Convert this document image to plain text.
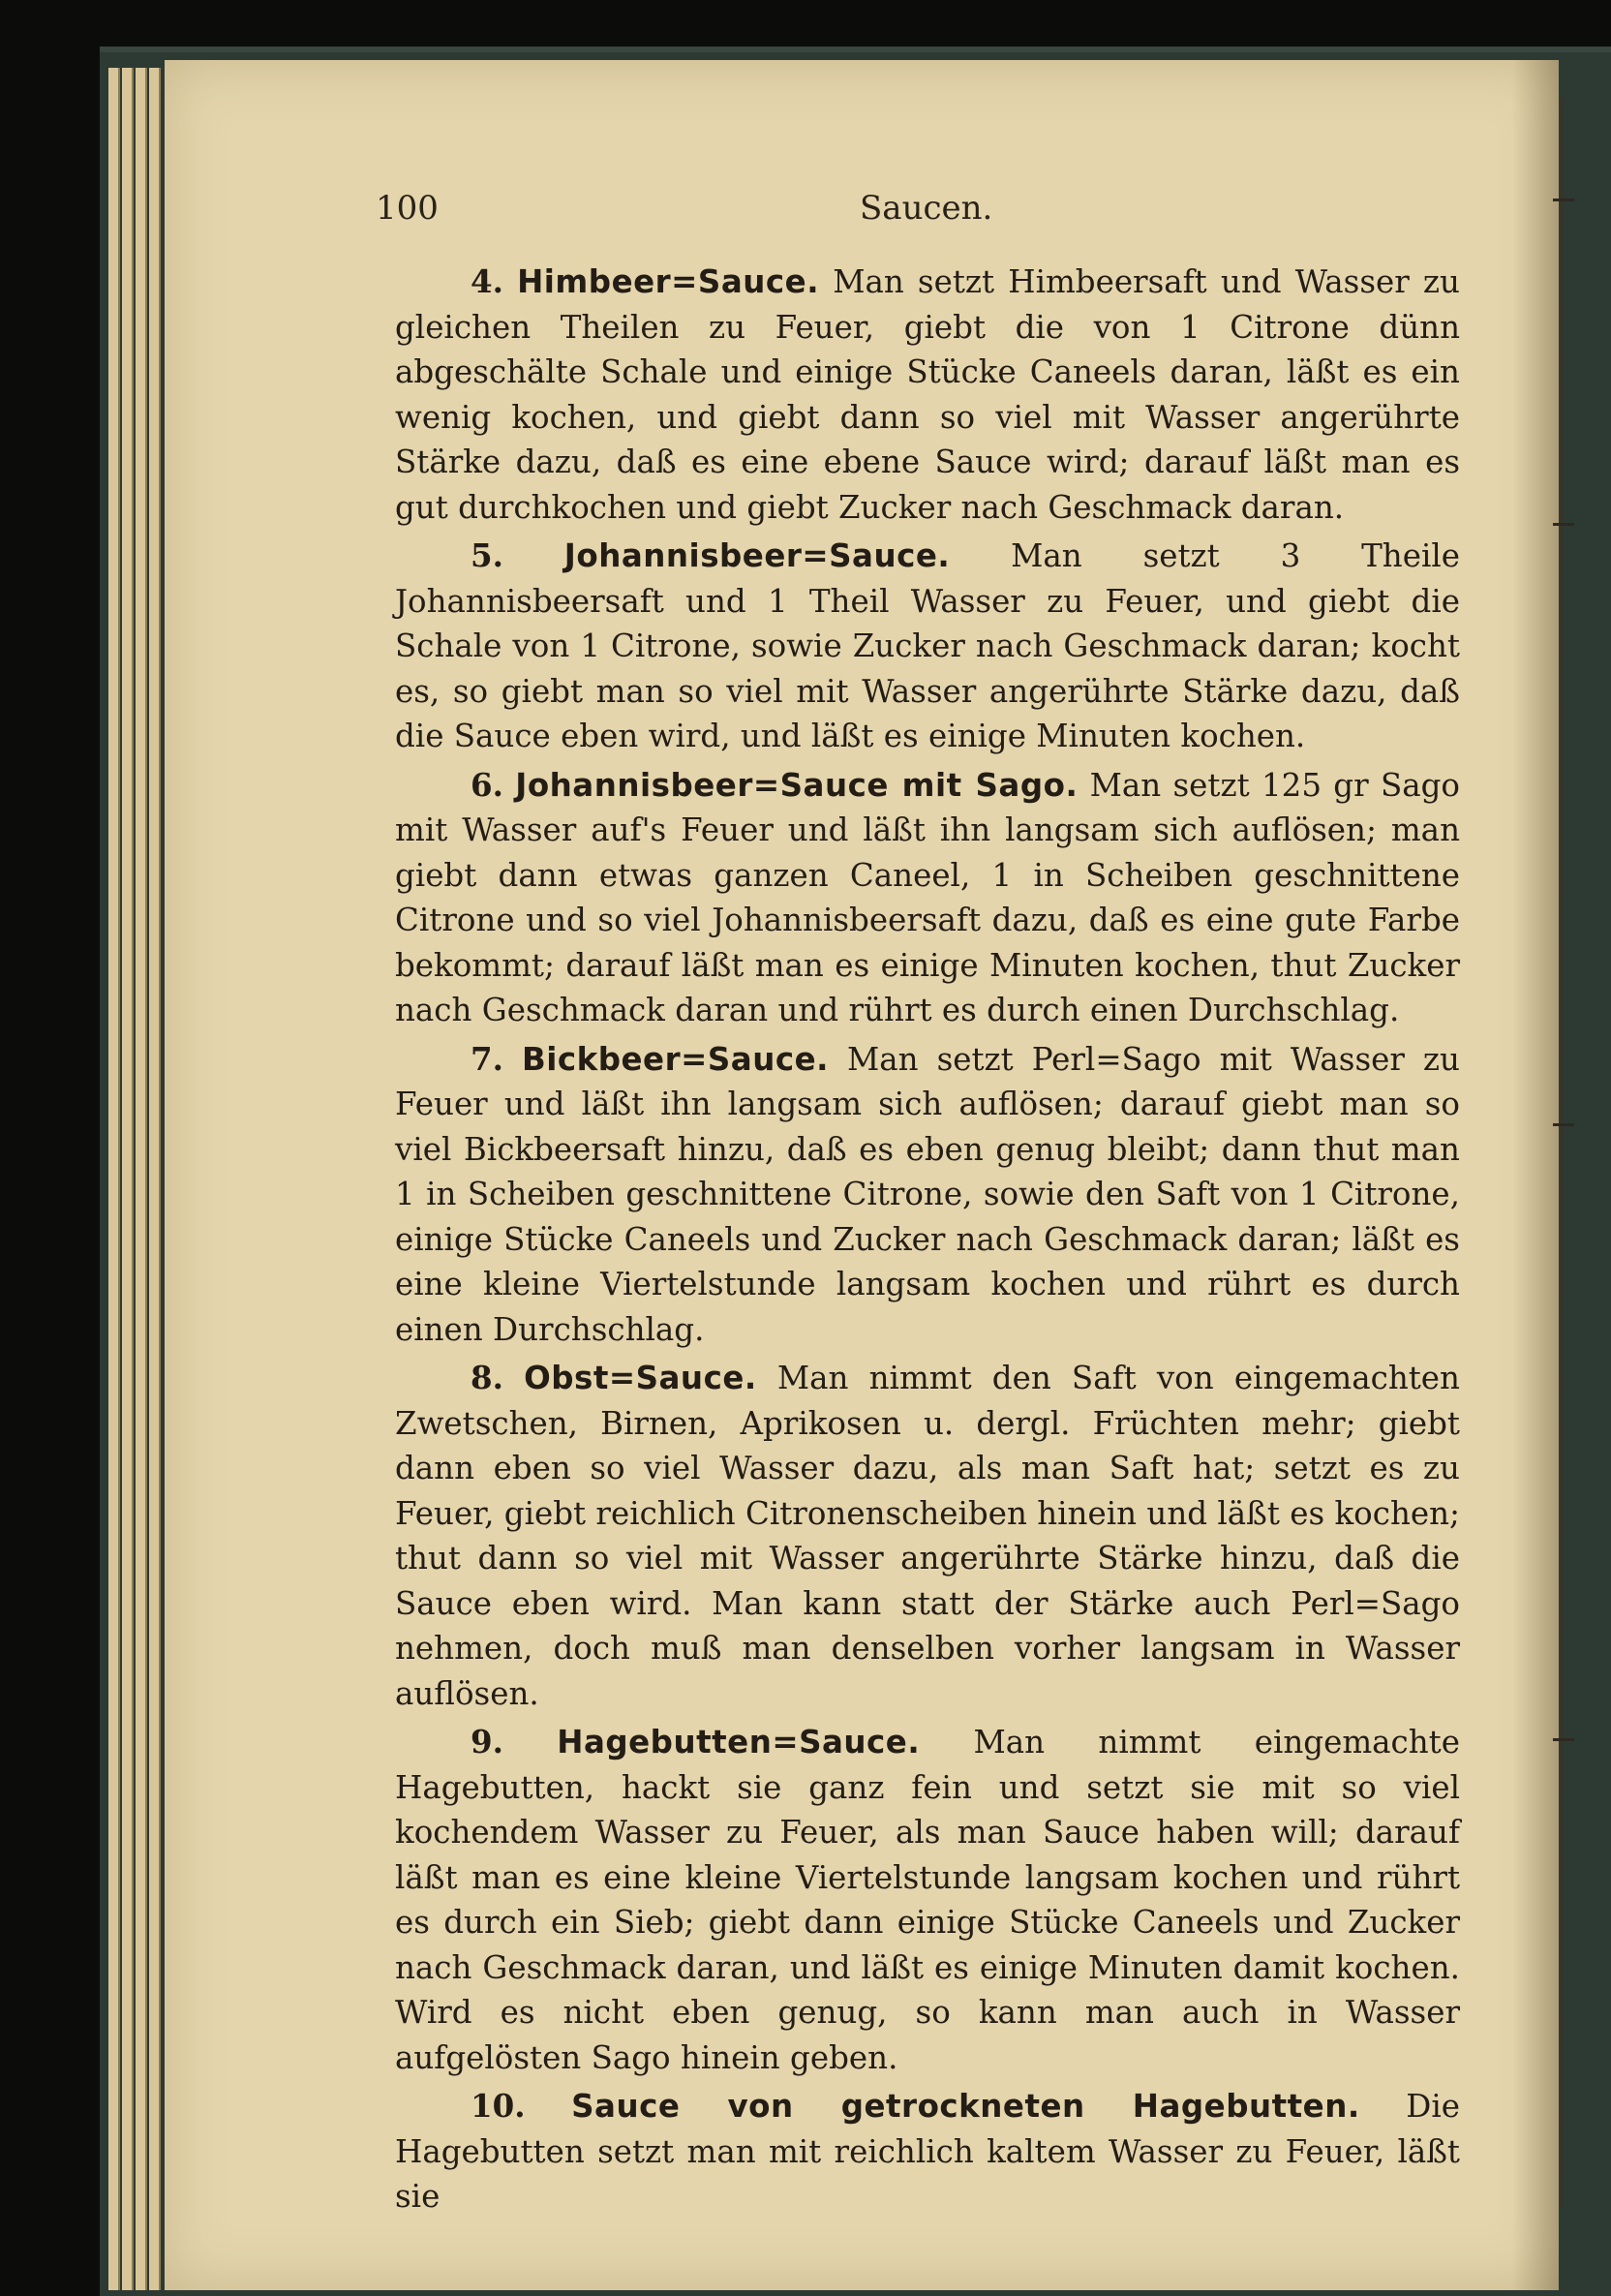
100	Saucen.

4. Himbeer=Sauce. Man setzt Himbeersaft und Wasser zu gleichen Theilen zu Feuer, giebt die von 1 Citrone dünn abgeschälte Schale und einige Stücke Caneels daran, läßt es ein wenig kochen, und giebt dann so viel mit Wasser angerührte Stärke dazu, daß es eine ebene Sauce wird; darauf läßt man es gut durchkochen und giebt Zucker nach Geschmack daran.

5. Johannisbeer=Sauce. Man setzt 3 Theile Johannisbeersaft und 1 Theil Wasser zu Feuer, und giebt die Schale von 1 Citrone, sowie Zucker nach Geschmack daran; kocht es, so giebt man so viel mit Wasser angerührte Stärke dazu, daß die Sauce eben wird, und läßt es einige Minuten kochen.

6. Johannisbeer=Sauce mit Sago. Man setzt 125 gr Sago mit Wasser auf's Feuer und läßt ihn langsam sich auflösen; man giebt dann etwas ganzen Caneel, 1 in Scheiben geschnittene Citrone und so viel Johannisbeersaft dazu, daß es eine gute Farbe bekommt; darauf läßt man es einige Minuten kochen, thut Zucker nach Geschmack daran und rührt es durch einen Durchschlag.

7. Bickbeer=Sauce. Man setzt Perl=Sago mit Wasser zu Feuer und läßt ihn langsam sich auflösen; darauf giebt man so viel Bickbeersaft hinzu, daß es eben genug bleibt; dann thut man 1 in Scheiben geschnittene Citrone, sowie den Saft von 1 Citrone, einige Stücke Caneels und Zucker nach Geschmack daran; läßt es eine kleine Viertelstunde langsam kochen und rührt es durch einen Durchschlag.

8. Obst=Sauce. Man nimmt den Saft von eingemachten Zwetschen, Birnen, Aprikosen u. dergl. Früchten mehr; giebt dann eben so viel Wasser dazu, als man Saft hat; setzt es zu Feuer, giebt reichlich Citronenscheiben hinein und läßt es kochen; thut dann so viel mit Wasser angerührte Stärke hinzu, daß die Sauce eben wird. Man kann statt der Stärke auch Perl=Sago nehmen, doch muß man denselben vorher langsam in Wasser auflösen.

9. Hagebutten=Sauce. Man nimmt eingemachte Hagebutten, hackt sie ganz fein und setzt sie mit so viel kochendem Wasser zu Feuer, als man Sauce haben will; darauf läßt man es eine kleine Viertelstunde langsam kochen und rührt es durch ein Sieb; giebt dann einige Stücke Caneels und Zucker nach Geschmack daran, und läßt es einige Minuten damit kochen. Wird es nicht eben genug, so kann man auch in Wasser aufgelösten Sago hinein geben.

10. Sauce von getrockneten Hagebutten. Die Hagebutten setzt man mit reichlich kaltem Wasser zu Feuer, läßt sie
